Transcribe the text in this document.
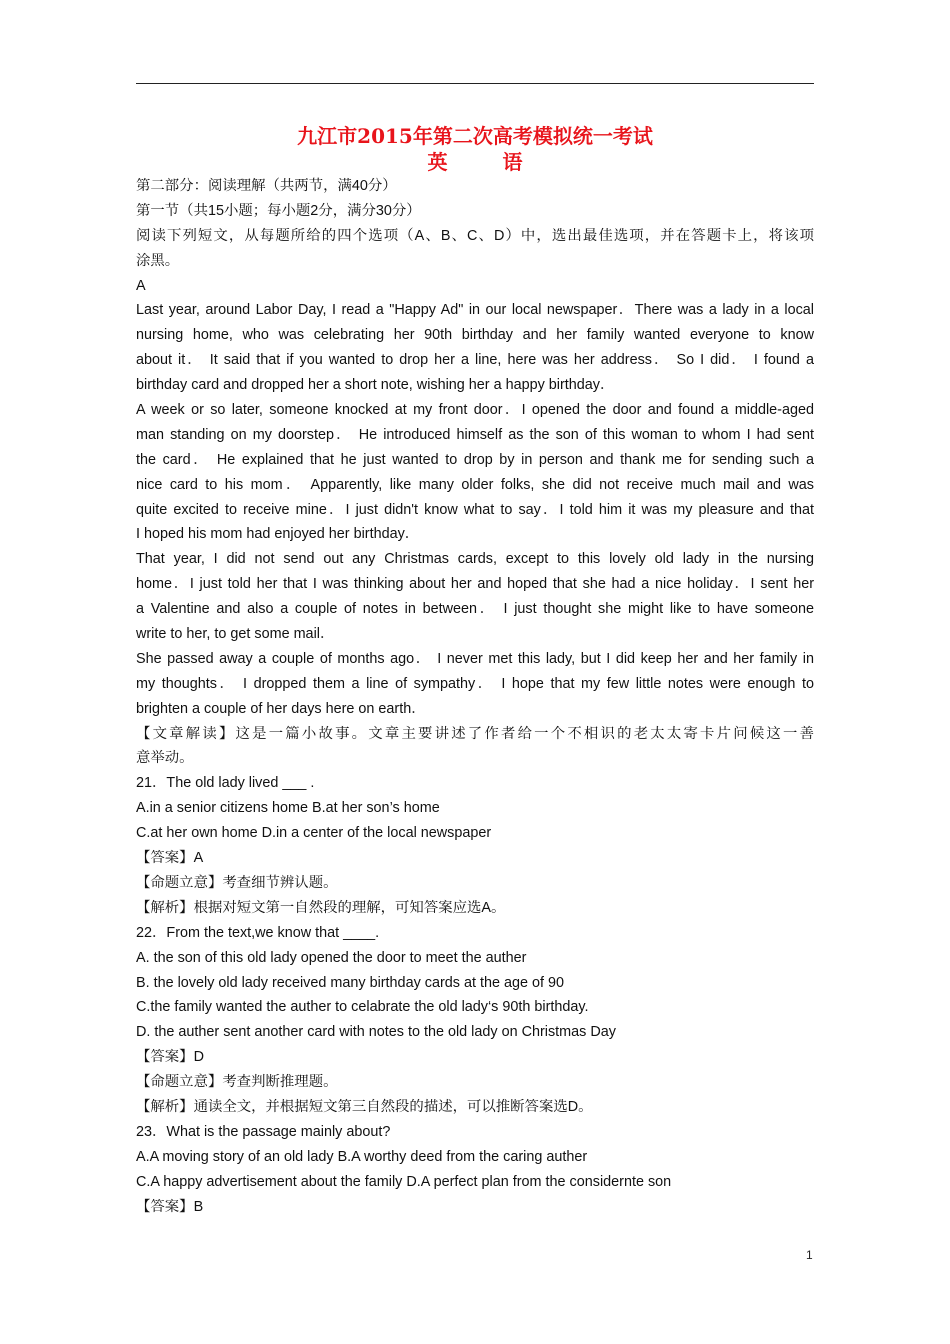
九江市2015年第二次高考模拟统一考试
英 语
第二部分：阅读理解（共两节，满40分）
第一节（共15小题；每小题2分，满分30分）
阅读下列短文，从每题所给的四个选项（A、B、C、D）中，选出最佳选项，并在答题卡上，将该项
涂黑。
A
Last year, around Labor Day, I read a "Happy Ad" in our local newspaper．There was a lady in a local
nursing home, who was celebrating her 90th birthday and her family wanted everyone to know
about it． It said that if you wanted to drop her a line, here was her address． So I did． I found a
birthday card and dropped her a short note, wishing her a happy birthday．
A week or so later, someone knocked at my front door．I opened the door and found a middle-aged
man standing on my doorstep． He introduced himself as the son of this woman to whom I had sent
the card． He explained that he just wanted to drop by in person and thank me for sending such a
nice card to his mom． Apparently, like many older folks, she did not receive much mail and was
quite excited to receive mine．I just didn't know what to say．I told him it was my pleasure and that
I hoped his mom had enjoyed her birthday．
That year, I did not send out any Christmas cards, except to this lovely old lady in the nursing
home．I just told her that I was thinking about her and hoped that she had a nice holiday．I sent her
a Valentine and also a couple of notes in between． I just thought she might like to have someone
write to her, to get some mail．
She passed away a couple of months ago． I never met this lady, but I did keep her and her family in
my thoughts． I dropped them a line of sympathy． I hope that my few little notes were enough to
brighten a couple of her days here on earth．
【文章解读】这是一篇小故事。文章主要讲述了作者给一个不相识的老太太寄卡片问候这一善
意举动。
21．The old lady lived ___ .
A.in a senior citizens home B.at her son’s home
C.at her own home D.in a center of the local newspaper
【答案】A
【命题立意】考查细节辨认题。
【解析】根据对短文第一自然段的理解，可知答案应选A。
22．From the text,we know that ____.
A. the son of this old lady opened the door to meet the auther
B. the lovely old lady received many birthday cards at the age of 90
C.the family wanted the auther to celabrate the old lady‘s 90th birthday.
D. the auther sent another card with notes to the old lady on Christmas Day
【答案】D
【命题立意】考查判断推理题。
【解析】通读全文，并根据短文第三自然段的描述，可以推断答案选D。
23．What is the passage mainly about?
A.A moving story of an old lady B.A worthy deed from the caring auther
C.A happy advertisement about the family D.A perfect plan from the considernte son
【答案】B
1
